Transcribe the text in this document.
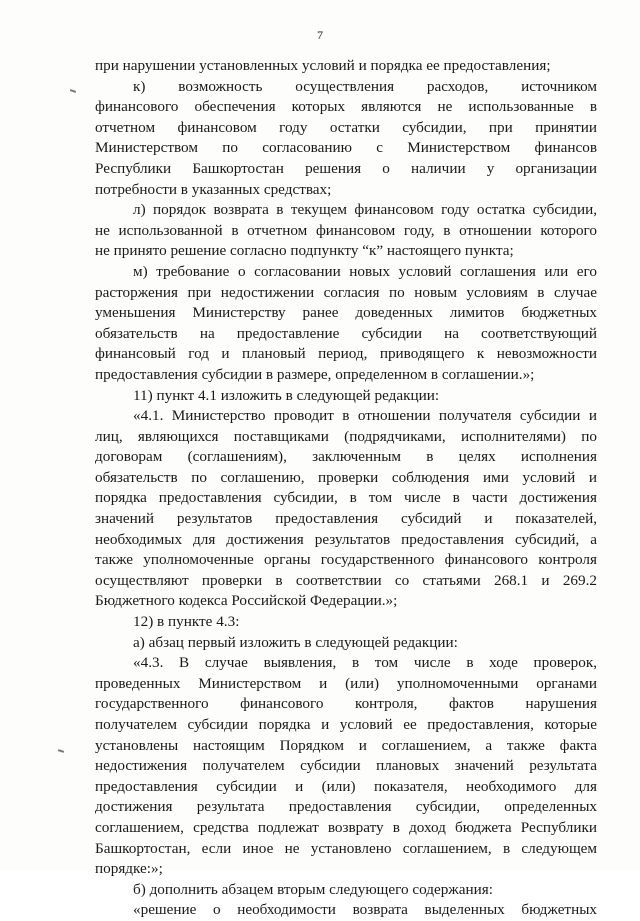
7
при нарушении установленных условий и порядка ее предоставления;
к)     возможность     осуществления     расходов,     источником
финансового обеспечения которых являются не использованные в
отчетном финансовом году остатки субсидии, при принятии
Министерством по согласованию с Министерством финансов
Республики Башкортостан решения о наличии у организации
потребности в указанных средствах;
л) порядок возврата в текущем финансовом году остатка субсидии,
не использованной в отчетном финансовом году, в отношении которого
не принято решение согласно подпункту “к” настоящего пункта;
м) требование о согласовании новых условий соглашения или его
расторжения при недостижении согласия по новым условиям в случае
уменьшения Министерству ранее доведенных лимитов бюджетных
обязательств на предоставление субсидии на соответствующий
финансовый год и плановый период, приводящего к невозможности
предоставления субсидии в размере, определенном в соглашении.»;
11) пункт 4.1 изложить в следующей редакции:
«4.1. Министерство проводит в отношении получателя субсидии и
лиц, являющихся поставщиками (подрядчиками, исполнителями) по
договорам (соглашениям), заключенным в целях исполнения
обязательств по соглашению, проверки соблюдения ими условий и
порядка предоставления субсидии, в том числе в части достижения
значений результатов предоставления субсидий и показателей,
необходимых для достижения результатов предоставления субсидий, а
также уполномоченные органы государственного финансового контроля
осуществляют проверки в соответствии со статьями 268.1 и 269.2
Бюджетного кодекса Российской Федерации.»;
12) в пункте 4.3:
а) абзац первый изложить в следующей редакции:
«4.3. В случае выявления, в том числе в ходе проверок,
проведенных Министерством и (или) уполномоченными органами
государственного финансового контроля, фактов нарушения
получателем субсидии порядка и условий ее предоставления, которые
установлены настоящим Порядком и соглашением, а также факта
недостижения получателем субсидии плановых значений результата
предоставления субсидии и (или) показателя, необходимого для
достижения результата предоставления субсидии, определенных
соглашением, средства подлежат возврату в доход бюджета Республики
Башкортостан, если иное не установлено соглашением, в следующем
порядке:»;
б) дополнить абзацем вторым следующего содержания:
«решение о необходимости возврата выделенных бюджетных
